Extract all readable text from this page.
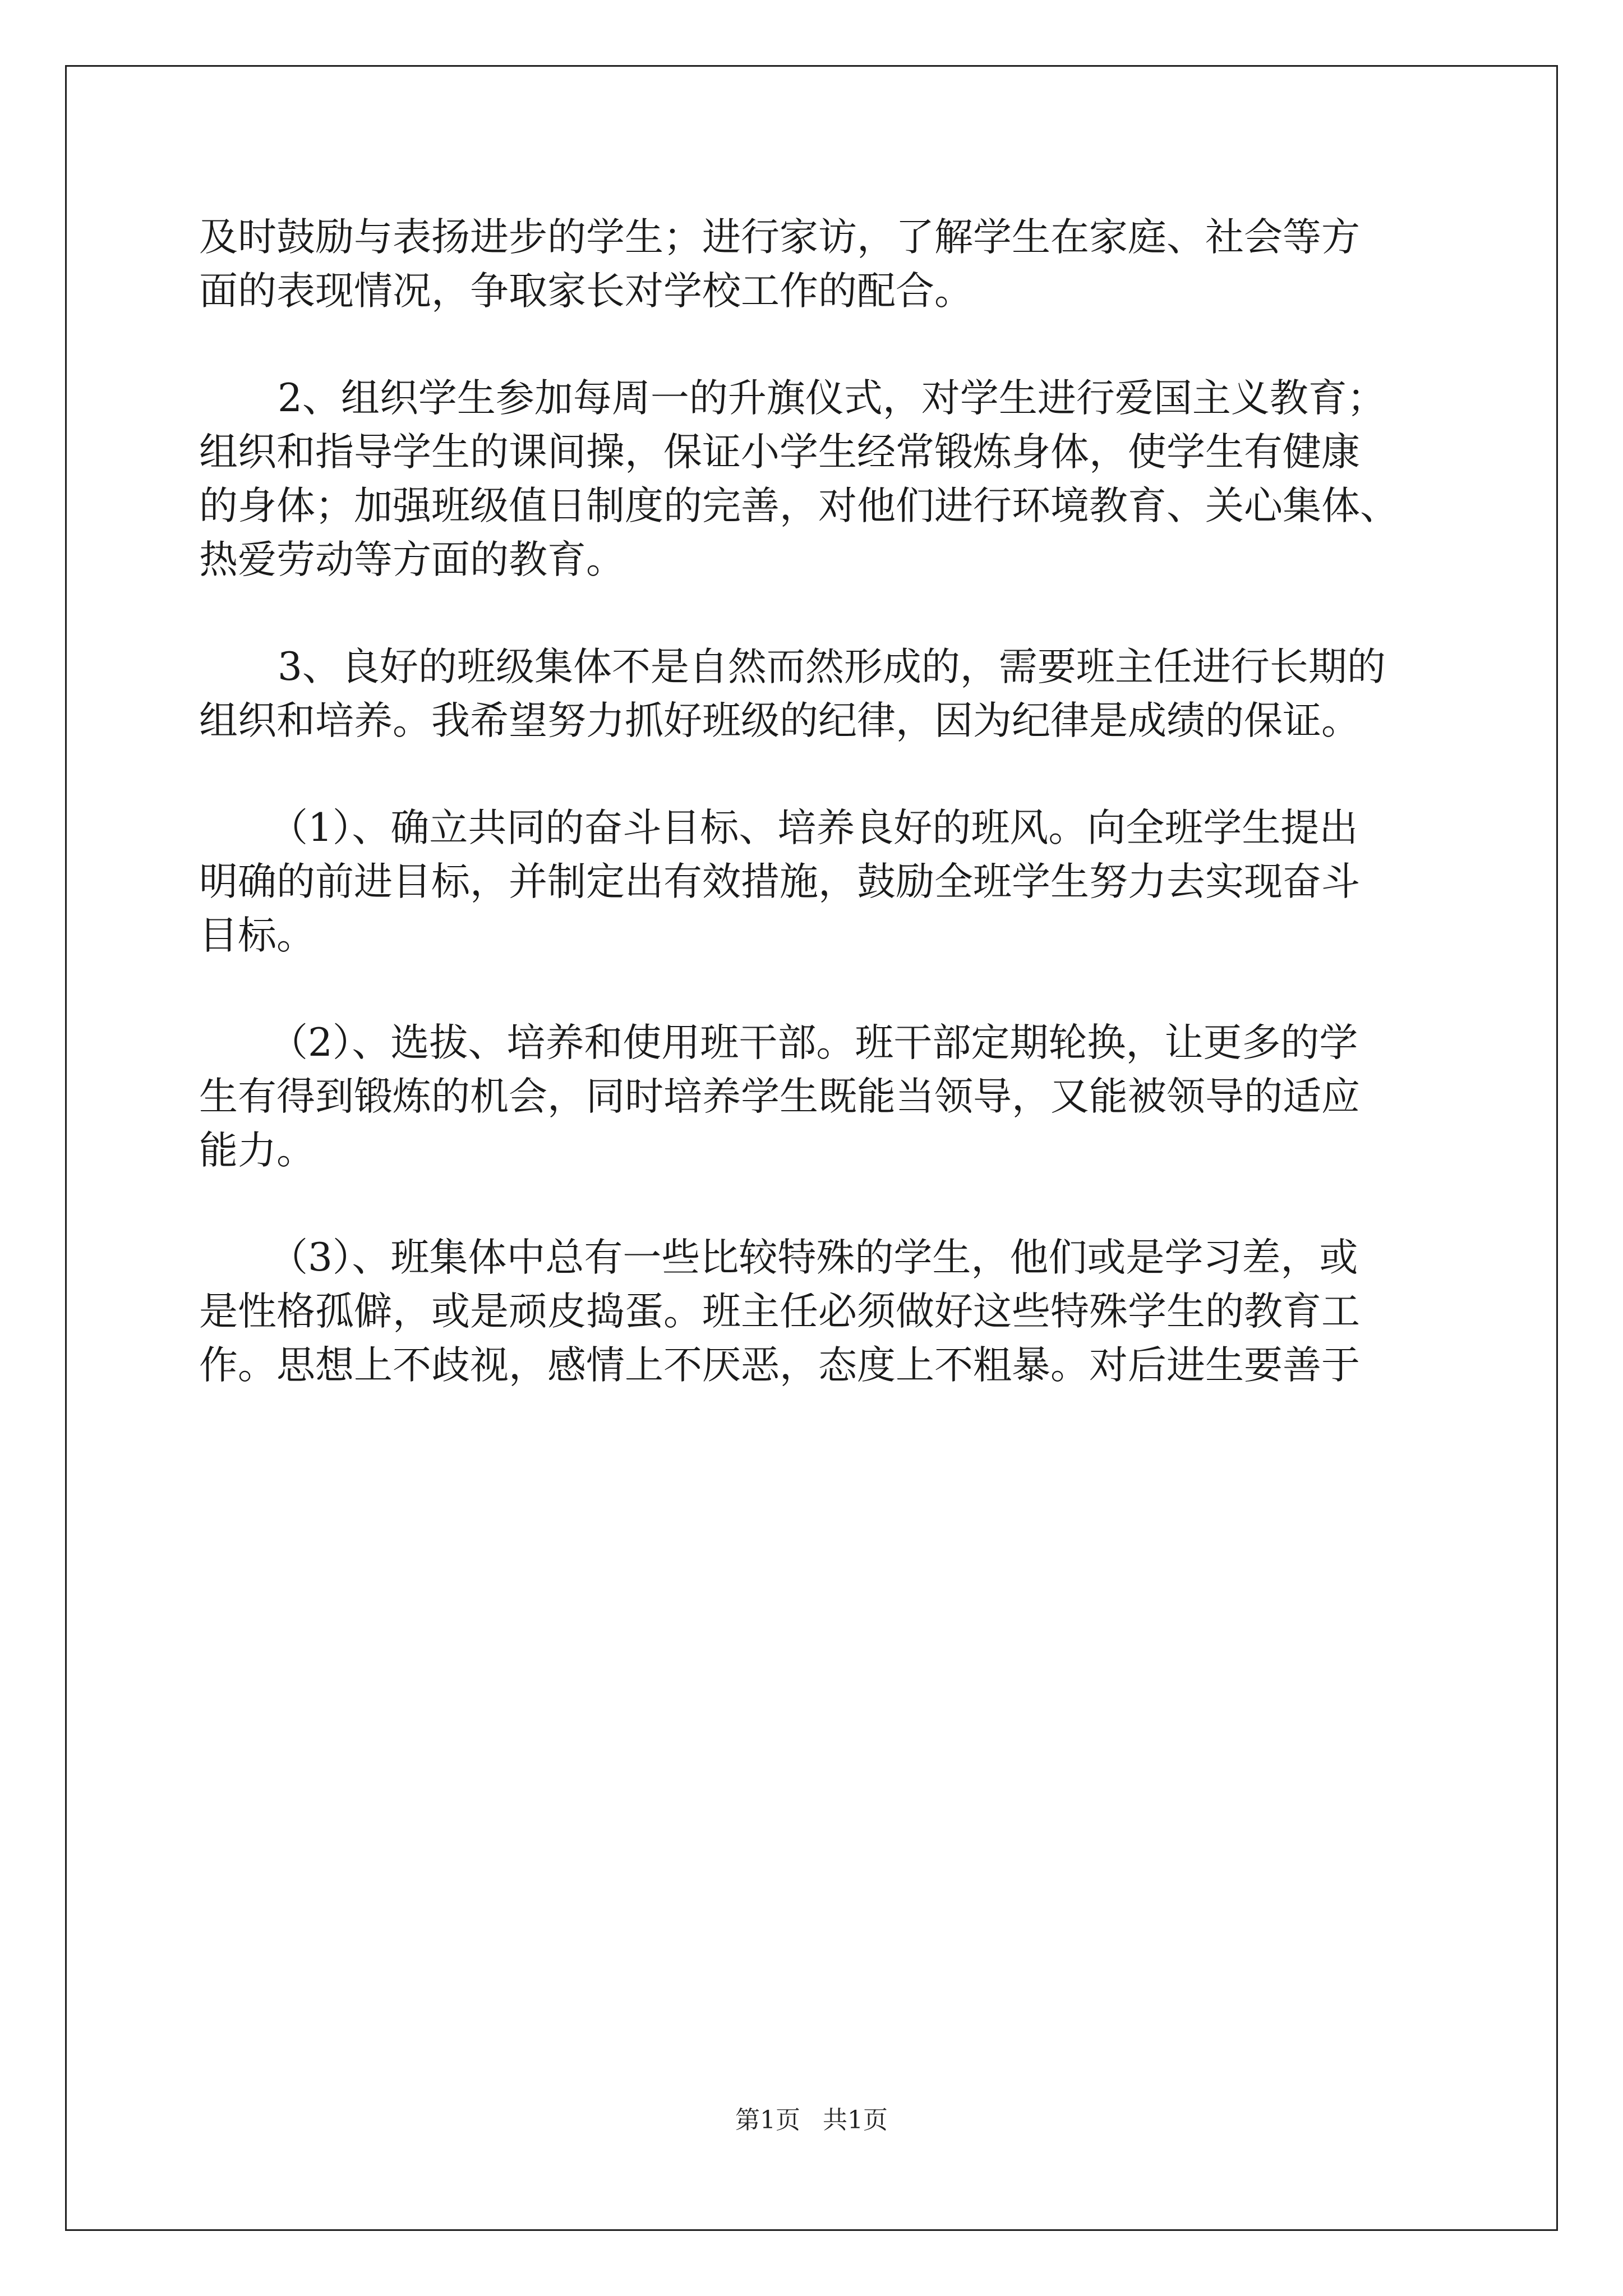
及时鼓励与表扬进步的学生；进行家访，了解学生在家庭、社会等方
面的表现情况，争取家长对学校工作的配合。
2、组织学生参加每周一的升旗仪式，对学生进行爱国主义教育；
组织和指导学生的课间操，保证小学生经常锻炼身体，使学生有健康
的身体；加强班级值日制度的完善，对他们进行环境教育、关心集体、
热爱劳动等方面的教育。
3、良好的班级集体不是自然而然形成的，需要班主任进行长期的
组织和培养。我希望努力抓好班级的纪律，因为纪律是成绩的保证。
（1）、确立共同的奋斗目标、培养良好的班风。向全班学生提出
明确的前进目标，并制定出有效措施，鼓励全班学生努力去实现奋斗
目标。
（2）、选拔、培养和使用班干部。班干部定期轮换，让更多的学
生有得到锻炼的机会，同时培养学生既能当领导，又能被领导的适应
能力。
（3）、班集体中总有一些比较特殊的学生，他们或是学习差，或
是性格孤僻，或是顽皮捣蛋。班主任必须做好这些特殊学生的教育工
作。思想上不歧视，感情上不厌恶，态度上不粗暴。对后进生要善于
第1页 共1页
